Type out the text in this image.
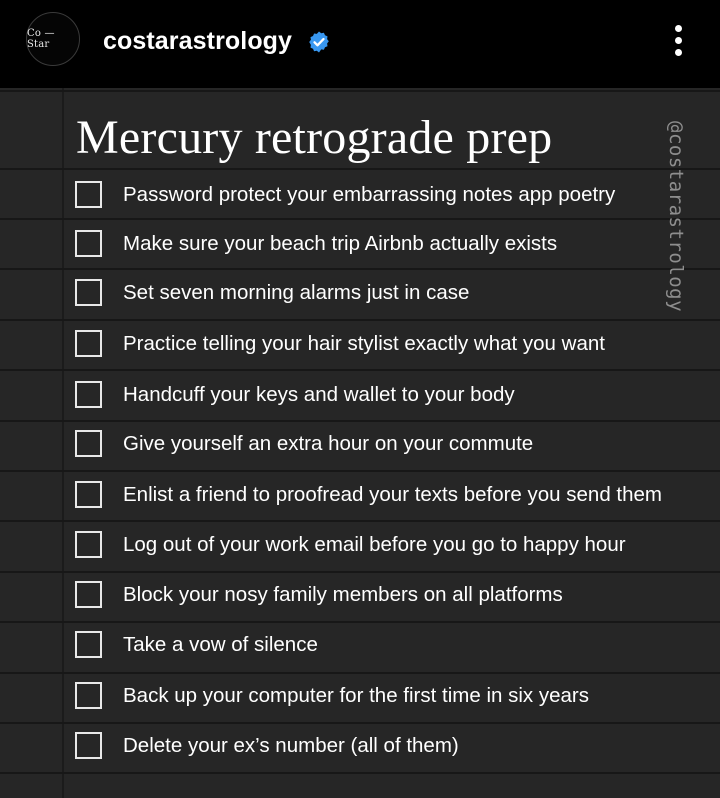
Co — Star	costarastrology
Mercury retrograde prep	@costarastrology
Password protect your embarrassing notes app poetry
Make sure your beach trip Airbnb actually exists
Set seven morning alarms just in case
Practice telling your hair stylist exactly what you want
Handcuff your keys and wallet to your body
Give yourself an extra hour on your commute
Enlist a friend to proofread your texts before you send them
Log out of your work email before you go to happy hour
Block your nosy family members on all platforms
Take a vow of silence
Back up your computer for the first time in six years
Delete your ex’s number (all of them)
